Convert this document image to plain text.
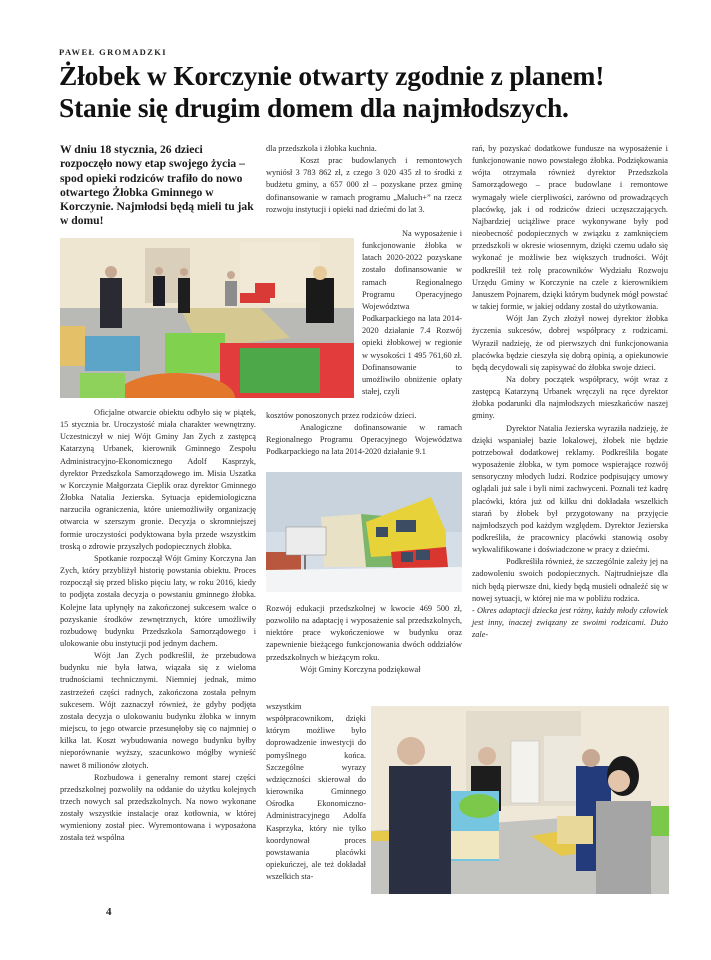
PAWEŁ GROMADZKI
Żłobek w Korczynie otwarty zgodnie z planem!
Stanie się drugim domem dla najmłodszych.
W dniu 18 stycznia, 26 dzieci rozpoczęło nowy etap swojego życia – spod opieki rodziców trafiło do nowo otwartego Żłobka Gminnego w Korczynie. Najmłodsi będą mieli tu jak w domu!

Oficjalne otwarcie obiektu odbyło się w piątek, 15 stycznia br. Uroczystość miała charakter wewnętrzny. Uczestniczył w niej Wójt Gminy Jan Zych z zastępcą Katarzyną Urbanek, kierownik Gminnego Zespołu Administracyjno-Ekonomicznego Adolf Kasprzyk, dyrektor Przedszkola Samorządowego im. Misia Uszatka w Korczynie Małgorzata Cieplik oraz dyrektor Gminnego Żłobka Natalia Jezierska. Sytuacja epidemiologiczna narzuciła ograniczenia, które uniemożliwiły organizację otwarcia w szerszym gronie. Decyzja o skromniejszej formie uroczystości podyktowana była przede wszystkim troską o zdrowie przyszłych podopiecznych żłobka.

Spotkanie rozpoczął Wójt Gminy Korczyna Jan Zych, który przybliżył historię powstania obiektu. Proces rozpoczął się przed blisko pięciu laty, w roku 2016, kiedy to podjęta została decyzja o powstaniu gminnego żłobka. Kolejne lata upłynęły na zakończonej sukcesem walce o pozyskanie środków zewnętrznych, które umożliwiły rozbudowę budynku Przedszkola Samorządowego i ulokowanie obu instytucji pod jednym dachem.

Wójt Jan Zych podkreślił, że przebudowa budynku nie była łatwa, wiązała się z wieloma trudnościami technicznymi. Niemniej jednak, mimo zastrzeżeń części radnych, zakończona została pełnym sukcesem. Wójt zaznaczył również, że gdyby podjęta została decyzja o ulokowaniu budynku żłobka w innym miejscu, to jego otwarcie przesunęłoby się co najmniej o kilka lat. Koszt wybudowania nowego budynku byłby nieporównanie wyższy, szacunkowo mógłby wynieść nawet 8 milionów złotych.

Rozbudowa i generalny remont starej części przedszkolnej pozwoliły na oddanie do użytku kolejnych trzech nowych sal przedszkolnych. Na nowo wykonane zostały wszystkie instalacje oraz kotłownia, w której wymieniony został piec. Wyremontowana i wyposażona została też wspólna

dla przedszkola i żłobka kuchnia.

Koszt prac budowlanych i remontowych wyniósł 3 783 862 zł, z czego 3 020 435 zł to środki z budżetu gminy, a 657 000 zł – pozyskane przez gminę dofinansowanie w ramach programu „Maluch+” na rzecz rozwoju instytucji i opieki nad dziećmi do lat 3.

Na wyposażenie i funkcjonowanie żłobka w latach 2020-2022 pozyskane zostało dofinansowanie w ramach Regionalnego Programu Operacyjnego Województwa Podkarpackiego na lata 2014-2020 działanie 7.4 Rozwój opieki żłobkowej w regionie w wysokości 1 495 761,60 zł. Dofinansowanie to umożliwiło obniżenie opłaty stałej, czyli

kosztów ponoszonych przez rodziców dzieci.

Analogiczne dofinansowanie w ramach Regionalnego Programu Operacyjnego Województwa Podkarpackiego na lata 2014-2020 działanie 9.1

Rozwój edukacji przedszkolnej w kwocie 469 500 zł, pozwoliło na adaptację i wyposażenie sal przedszkolnych, niektóre prace wykończeniowe w budynku oraz zapewnienie bieżącego funkcjonowania dwóch oddziałów przedszkolnych w bieżącym roku.

Wójt Gminy Korczyna podziękował

wszystkim współpracownikom, dzięki którym możliwe było doprowadzenie inwestycji do pomyślnego końca. Szczególne wyrazy wdzięczności skierował do kierownika Gminnego Ośrodka Ekonomiczno-Administracyjnego Adolfa Kasprzyka, który nie tylko koordynował proces powstawania placówki opiekuńczej, ale też dokładał wszelkich sta-

rań, by pozyskać dodatkowe fundusze na wyposażenie i funkcjonowanie nowo powstałego żłobka. Podziękowania wójta otrzymała również dyrektor Przedszkola Samorządowego – prace budowlane i remontowe wymagały wiele cierpliwości, zarówno od prowadzących placówkę, jak i od rodziców dzieci uczęszczających. Najbardziej uciążliwe prace wykonywane były pod nieobecność podopiecznych w związku z zamknięciem przedszkoli w okresie wiosennym, dzięki czemu udało się wykonać je możliwie bez większych trudności. Wójt podkreślił też rolę pracowników Wydziału Rozwoju Urzędu Gminy w Korczynie na czele z kierownikiem Januszem Pojnarem, dzięki którym budynek mógł powstać w takiej formie, w jakiej oddany został do użytkowania.

Wójt Jan Zych złożył nowej dyrektor żłobka życzenia sukcesów, dobrej współpracy z rodzicami. Wyraził nadzieję, że od pierwszych dni funkcjonowania placówka będzie cieszyła się dobrą opinią, a opiekunowie będą decydowali się zapisywać do żłobka swoje dzieci.

Na dobry początek współpracy, wójt wraz z zastępcą Katarzyną Urbanek wręczyli na ręce dyrektor żłobka podarunki dla najmłodszych mieszkańców naszej gminy.

Dyrektor Natalia Jezierska wyraziła nadzieję, że dzięki wspaniałej bazie lokalowej, żłobek nie będzie potrzebował dodatkowej reklamy. Podkreśliła bogate wyposażenie żłobka, w tym pomoce wspierające rozwój sensoryczny młodych ludzi. Rodzice podpisujący umowy oglądali już sale i byli nimi zachwyceni. Poznali też kadrę placówki, która już od kilku dni dokładała wszelkich starań by żłobek był przygotowany na przyjęcie najmłodszych pod każdym względem. Dyrektor Jezierska podkreśliła, że pracownicy placówki stanowią osoby wykwalifikowane i doświadczone w pracy z dziećmi.

Podkreśliła również, że szczególnie zależy jej na zadowoleniu swoich podopiecznych. Najtrudniejsze dla nich będą pierwsze dni, kiedy będą musieli odnaleźć się w nowej sytuacji, w której nie ma w pobliżu rodzica.

- Okres adaptacji dziecka jest różny, każdy młody człowiek jest inny, inaczej związany ze swoimi rodzicami. Dużo zale-

4
